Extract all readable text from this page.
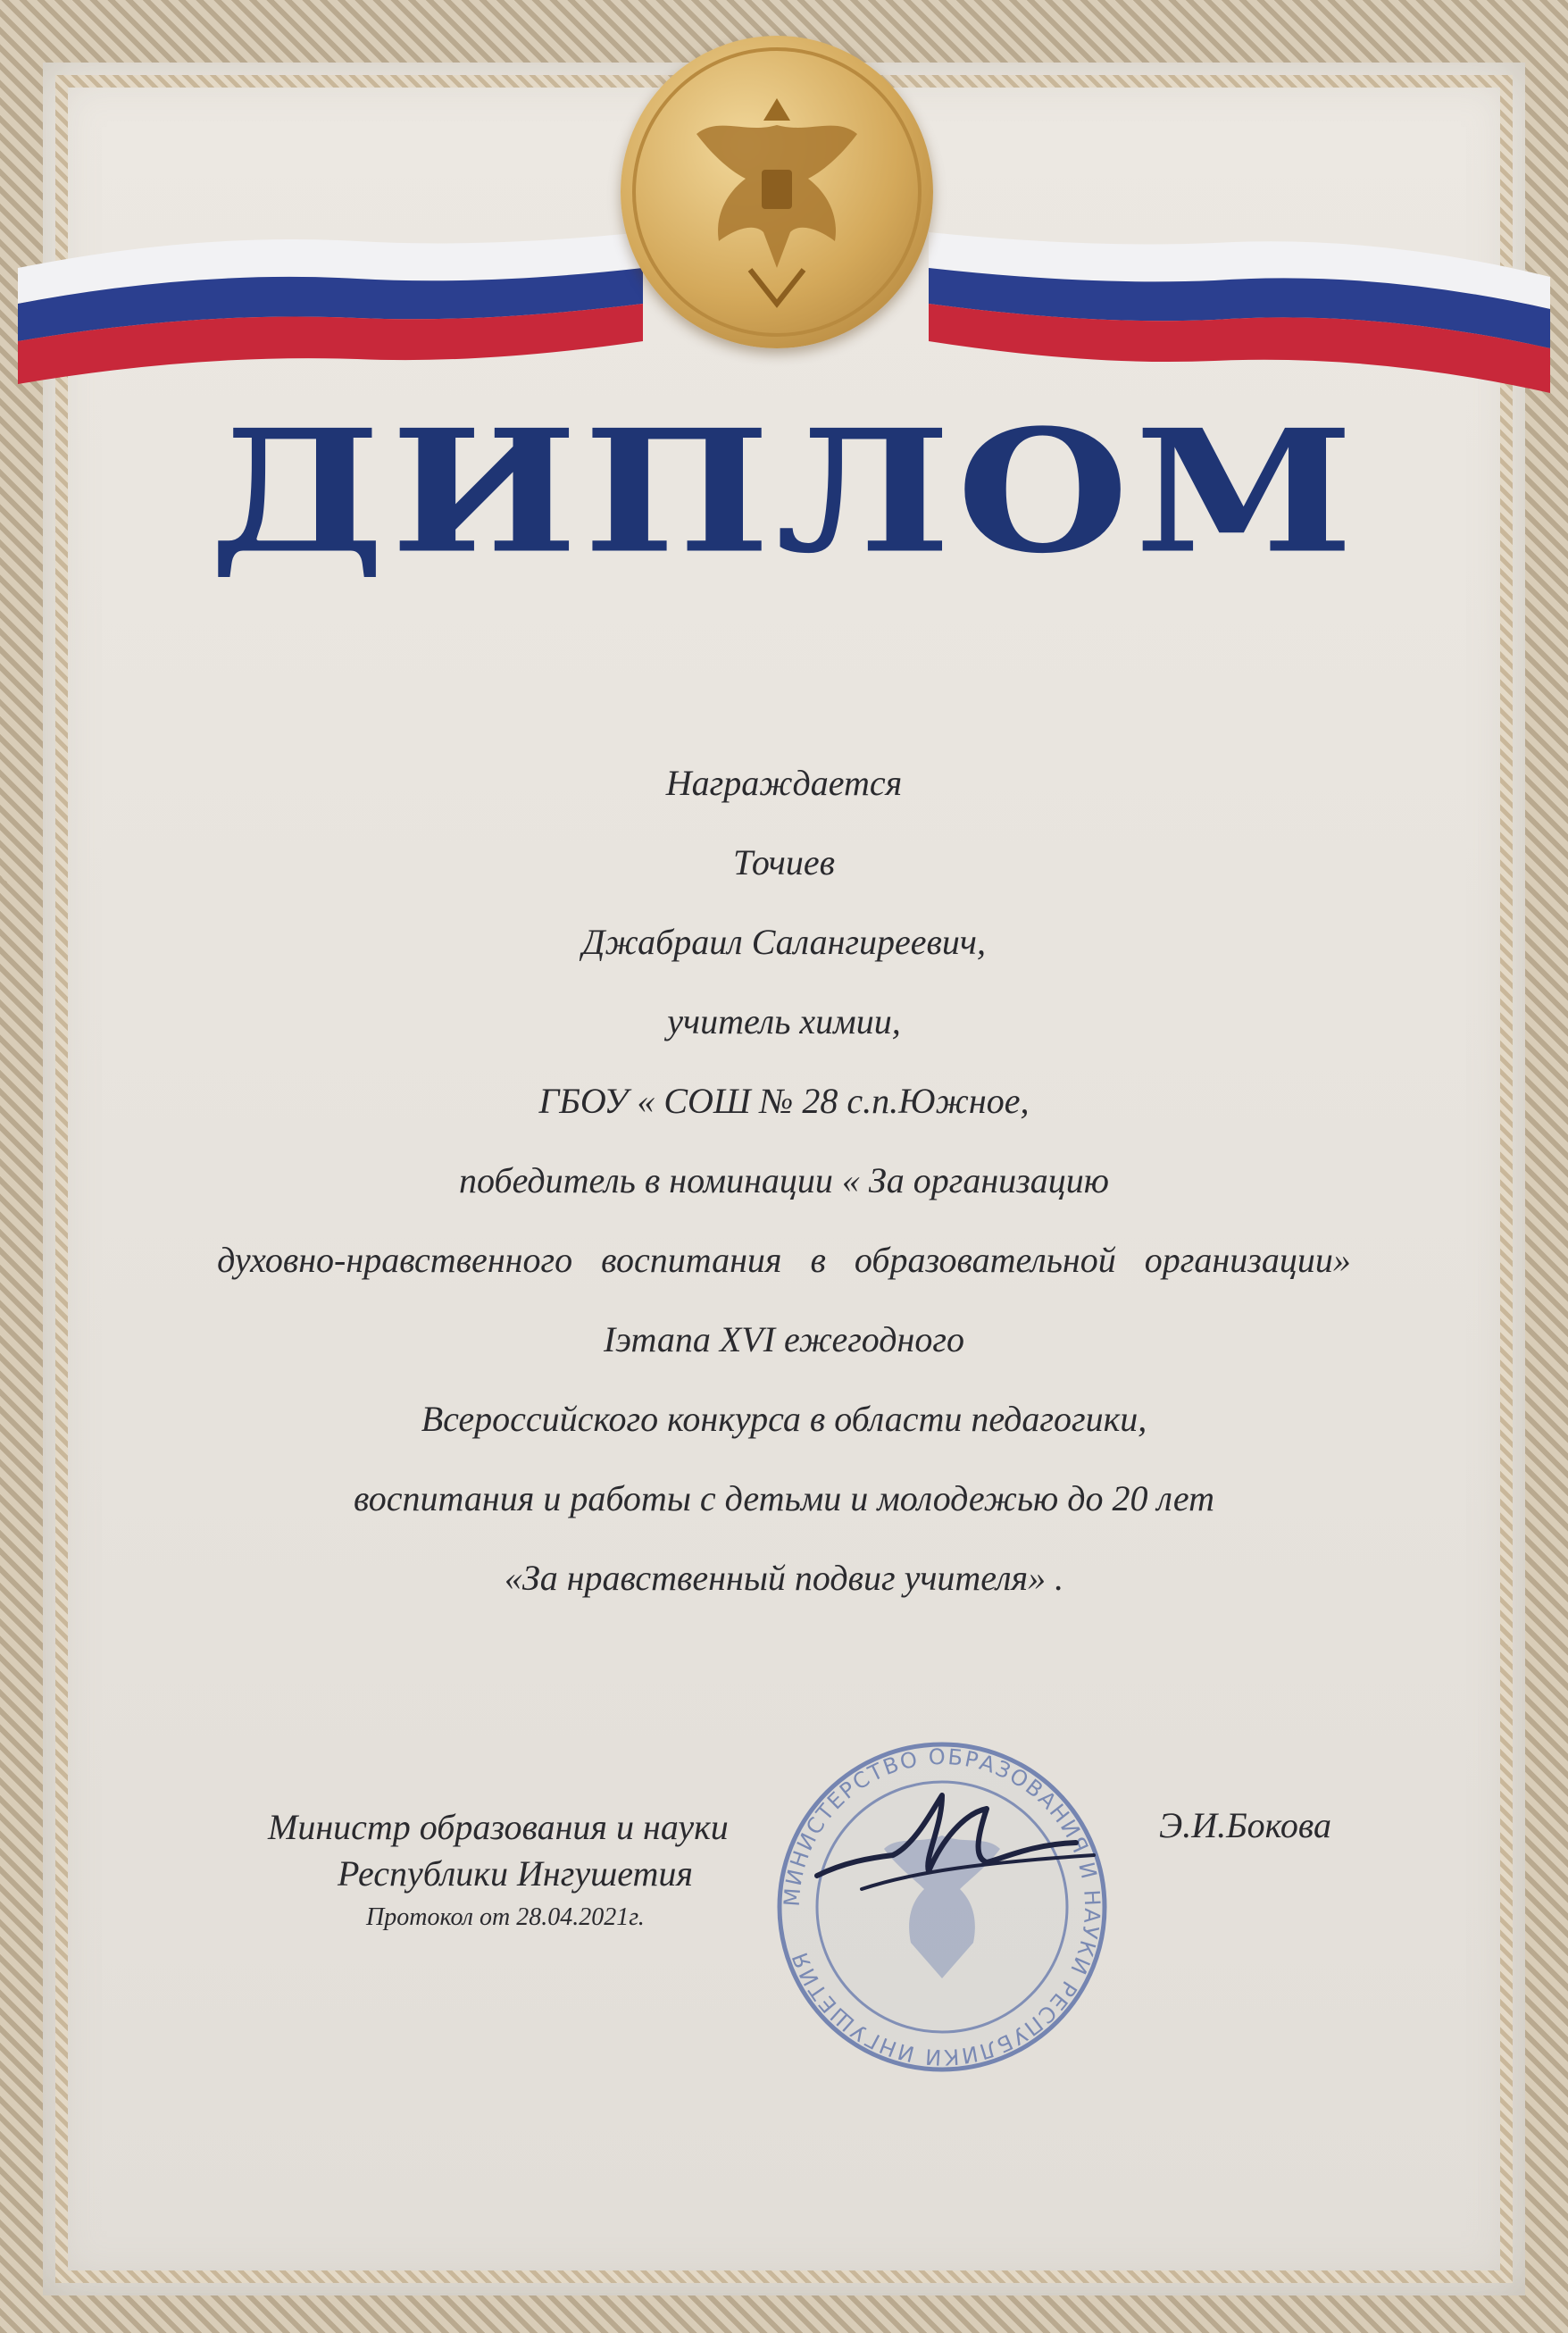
ДИПЛОМ
Награждается
Точиев
Джабраил Салангиреевич,
учитель химии,
ГБОУ « СОШ № 28 с.п.Южное,
победитель в номинации « За организацию
духовно-нравственного воспитания в образовательной организации»
Iэтапа XVI ежегодного
Всероссийского конкурса в области педагогики,
воспитания и работы с детьми и молодежью до 20 лет
«За нравственный подвиг учителя» .
МИНИСТЕРСТВО ОБРАЗОВАНИЯ И НАУКИ РЕСПУБЛИКИ ИНГУШЕТИЯ
Министр образования и науки
Республики Ингушетия
Протокол от 28.04.2021г.
Э.И.Бокова
